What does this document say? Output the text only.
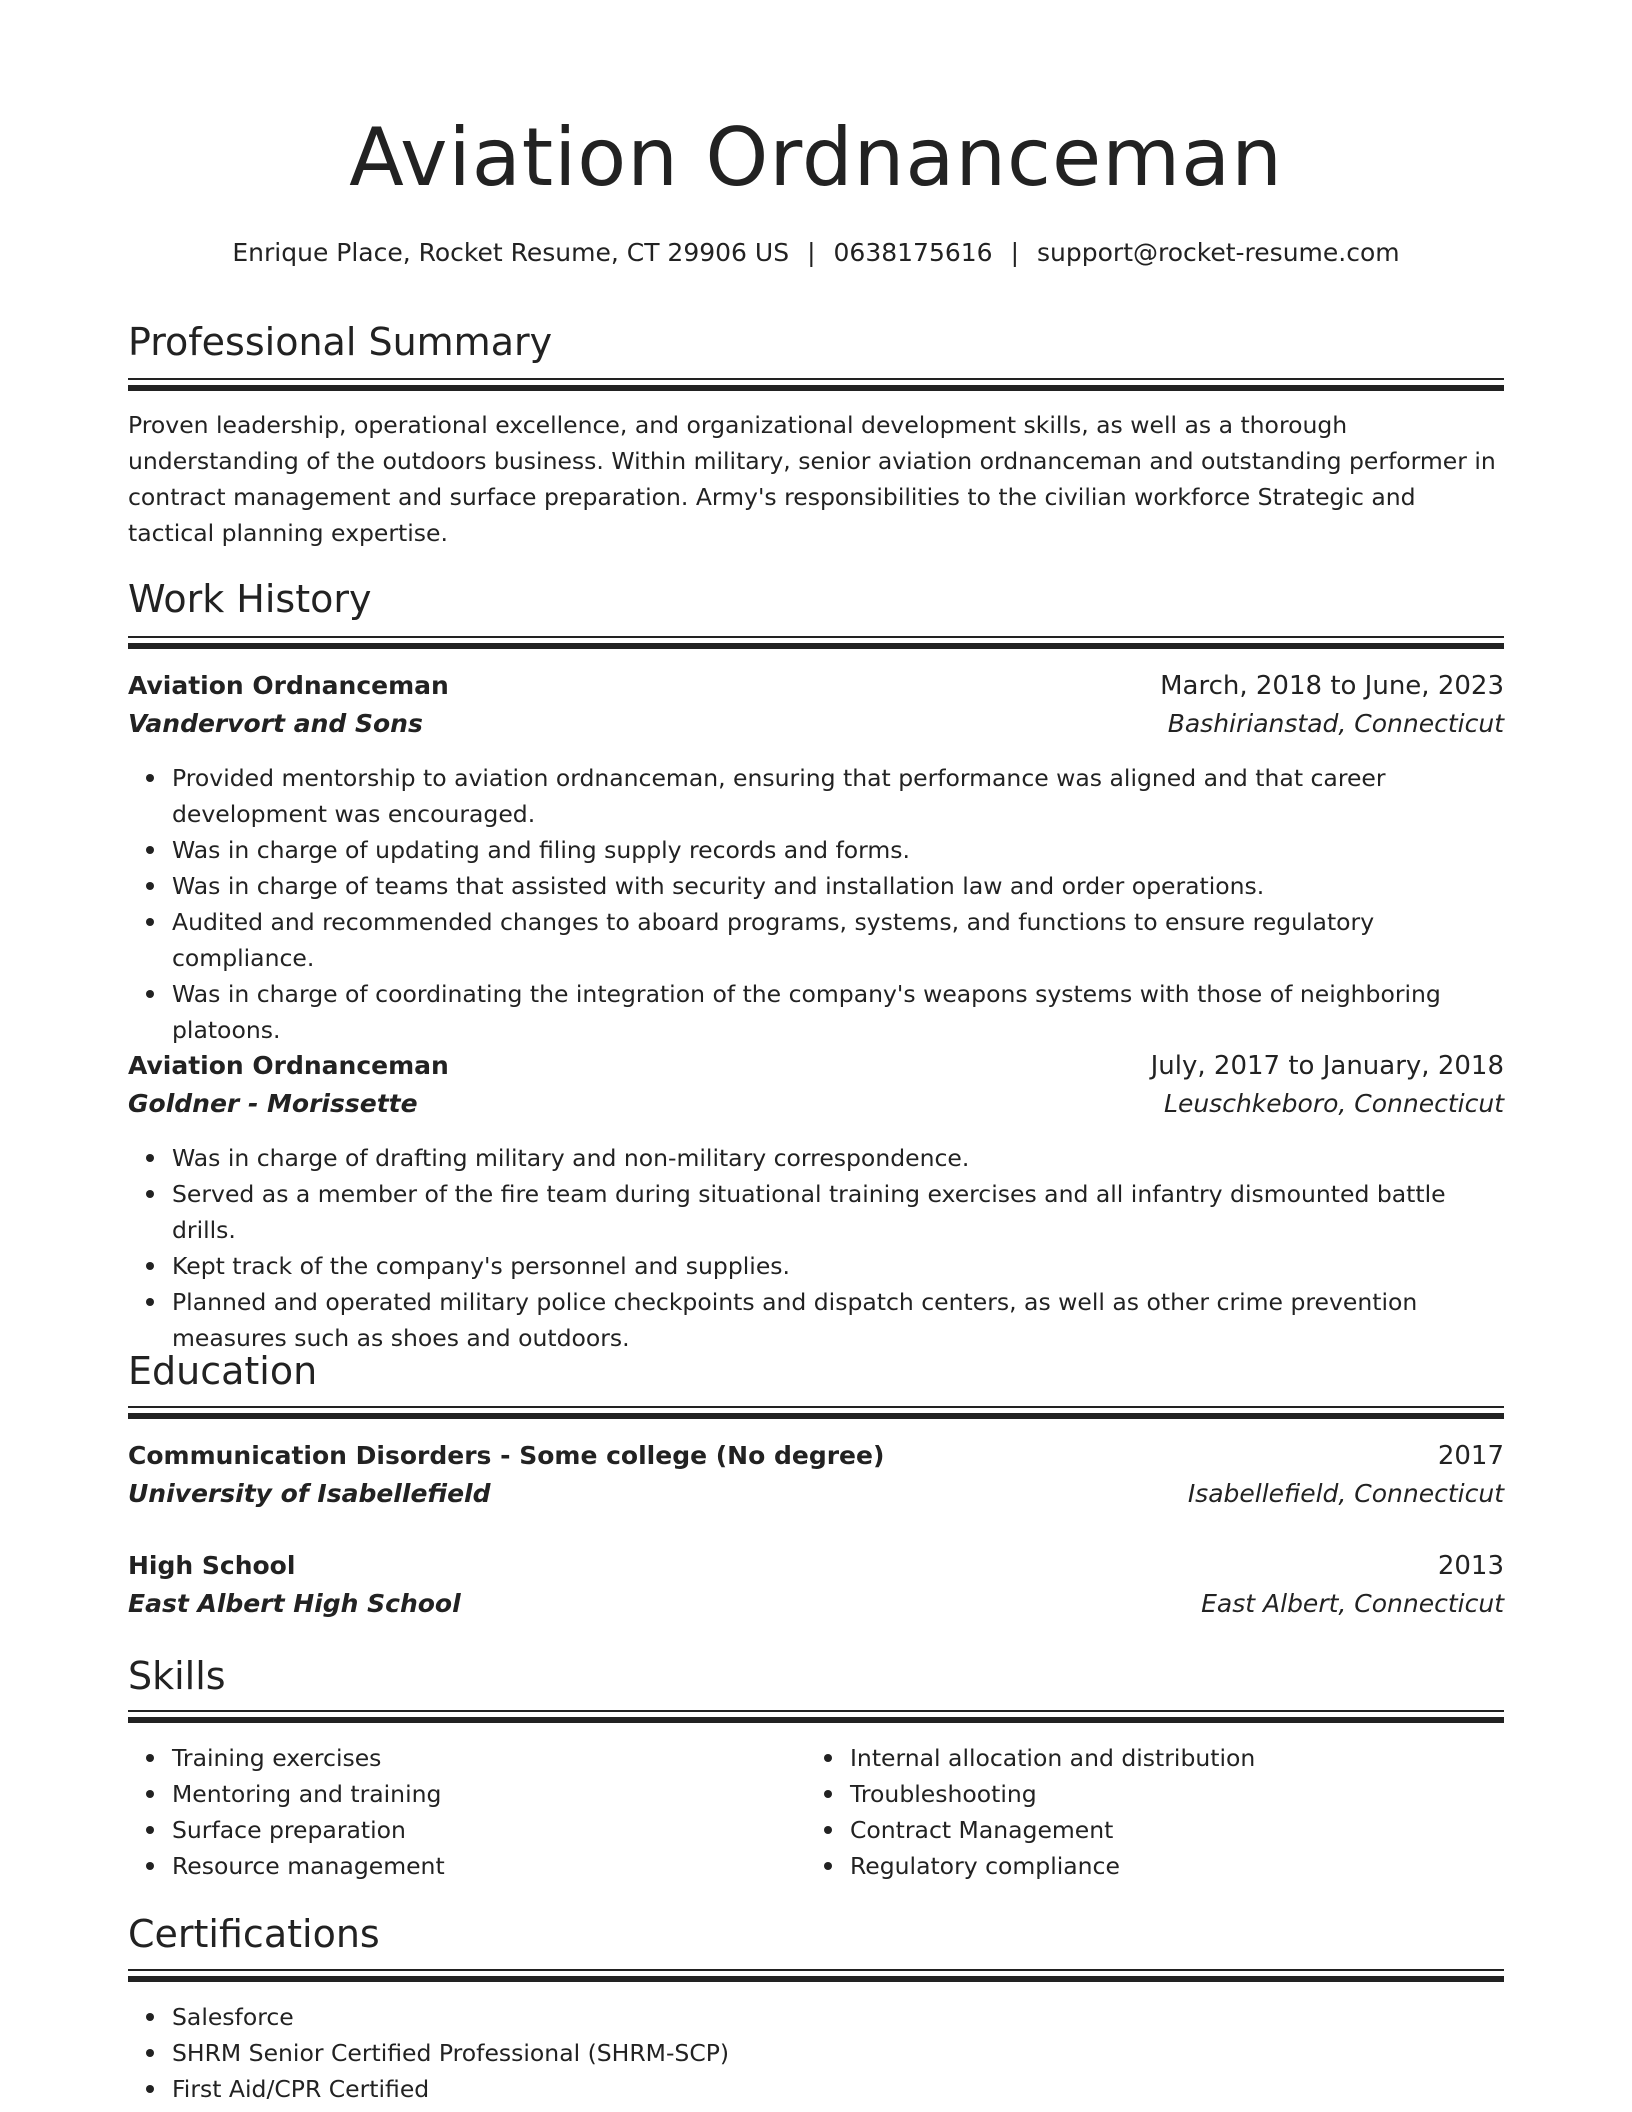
Aviation Ordnanceman
Enrique Place, Rocket Resume, CT 29906 US | 0638175616 | support@rocket-resume.com
Professional Summary

Proven leadership, operational excellence, and organizational development skills, as well as a thorough understanding of the outdoors business. Within military, senior aviation ordnanceman and outstanding performer in contract management and surface preparation. Army's responsibilities to the civilian workforce Strategic and tactical planning expertise.

Work History
Aviation Ordnanceman	March, 2018 to June, 2023
Vandervort and Sons	Bashirianstad, Connecticut
Provided mentorship to aviation ordnanceman, ensuring that performance was aligned and that career development was encouraged.
Was in charge of updating and filing supply records and forms.
Was in charge of teams that assisted with security and installation law and order operations.
Audited and recommended changes to aboard programs, systems, and functions to ensure regulatory compliance.
Was in charge of coordinating the integration of the company's weapons systems with those of neighboring platoons.
Aviation Ordnanceman	July, 2017 to January, 2018
Goldner - Morissette	Leuschkeboro, Connecticut
Was in charge of drafting military and non-military correspondence.
Served as a member of the fire team during situational training exercises and all infantry dismounted battle drills.
Kept track of the company's personnel and supplies.
Planned and operated military police checkpoints and dispatch centers, as well as other crime prevention measures such as shoes and outdoors.
Education
Communication Disorders - Some college (No degree)	2017
University of Isabellefield	Isabellefield, Connecticut
High School	2013
East Albert High School	East Albert, Connecticut
Skills
Training exercises
Mentoring and training
Surface preparation
Resource management
Internal allocation and distribution
Troubleshooting
Contract Management
Regulatory compliance
Certifications
Salesforce
SHRM Senior Certified Professional (SHRM-SCP)
First Aid/CPR Certified
